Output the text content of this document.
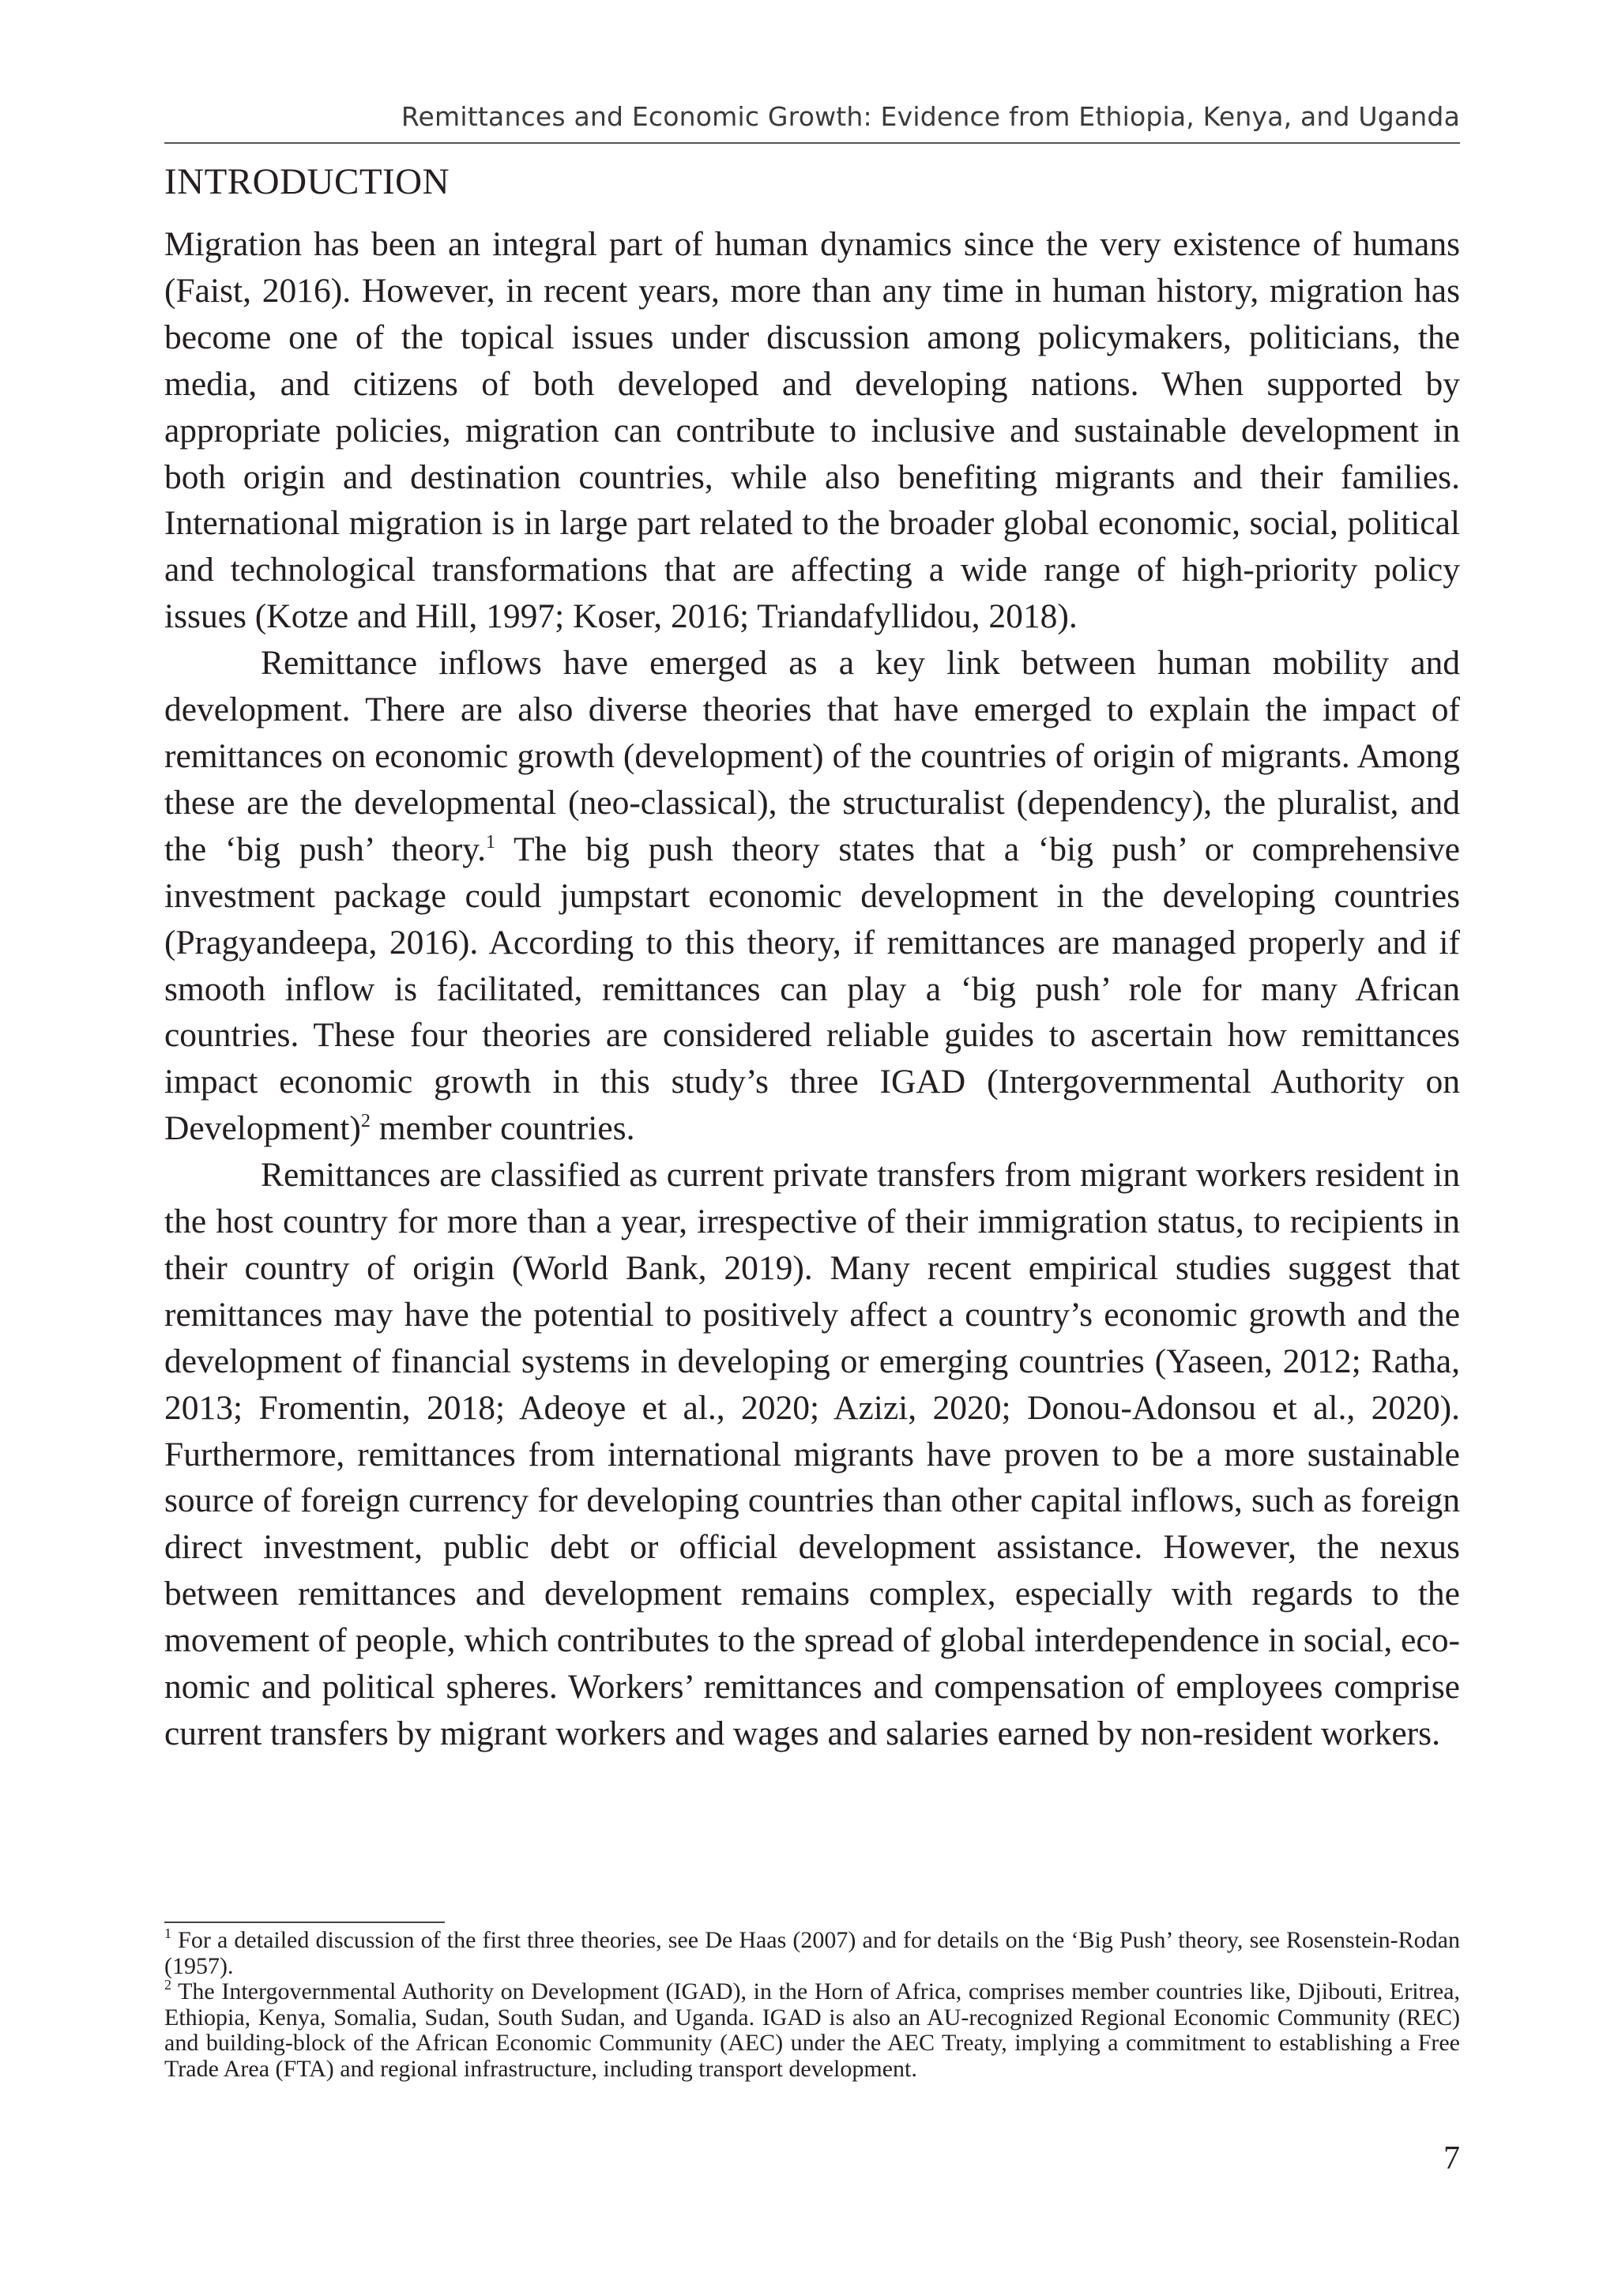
Remittances and Economic Growth: Evidence from Ethiopia, Kenya, and Uganda
INTRODUCTION

Migration has been an integral part of human dynamics since the very existence of humans (Faist, 2016). However, in recent years, more than any time in human history, migration has become one of the topical issues under discussion among policymakers, politicians, the media, and citizens of both developed and developing nations. When supported by appropriate policies, migration can contribute to inclusive and sustainable development in both origin and destination countries, while also benefiting migrants and their families. International migration is in large part related to the broader global economic, social, political and technological transformations that are affecting a wide range of high-priority policy issues (Kotze and Hill, 1997; Koser, 2016; Triandafyllidou, 2018).

Remittance inflows have emerged as a key link between human mobility and development. There are also diverse theories that have emerged to explain the impact of remittances on economic growth (development) of the countries of origin of migrants. Among these are the developmental (neo-classical), the structuralist (dependency), the pluralist, and the ‘big push’ theory.$^1$ The big push theory states that a ‘big push’ or comprehensive investment package could jumpstart economic development in the developing countries (Pragyandeepa, 2016). According to this theory, if remittances are managed properly and if smooth inflow is facilitated, remittances can play a ‘big push’ role for many African countries. These four theories are considered reliable guides to ascertain how remittances impact economic growth in this study’s three IGAD (Intergovernmental Authority on Development)$^2$ member countries.

Remittances are classified as current private transfers from migrant workers resident in the host country for more than a year, irrespective of their immigration status, to recipients in their country of origin (World Bank, 2019). Many recent empirical studies suggest that remittances may have the potential to positively affect a country’s economic growth and the development of financial systems in developing or emerging countries (Yaseen, 2012; Ratha, 2013; Fromentin, 2018; Adeoye et al., 2020; Azizi, 2020; Donou-Adonsou et al., 2020). Furthermore, remittances from international migrants have proven to be a more sustainable source of foreign currency for developing countries than other capital inflows, such as foreign direct investment, public debt or official development assistance. However, the nexus between remittances and development remains complex, especially with regards to the movement of people, which contributes to the spread of global interdependence in social, economic and political spheres. Workers’ remittances and compensation of employees comprise current transfers by migrant workers and wages and salaries earned by non-resident workers.

$^1$ For a detailed discussion of the first three theories, see De Haas (2007) and for details on the ‘Big Push’ theory, see Rosenstein-Rodan (1957).

$^2$ The Intergovernmental Authority on Development (IGAD), in the Horn of Africa, comprises member countries like, Djibouti, Eritrea, Ethiopia, Kenya, Somalia, Sudan, South Sudan, and Uganda. IGAD is also an AU-recognized Regional Economic Community (REC) and building-block of the African Economic Community (AEC) under the AEC Treaty, implying a commitment to establishing a Free Trade Area (FTA) and regional infrastructure, including transport development.

7
